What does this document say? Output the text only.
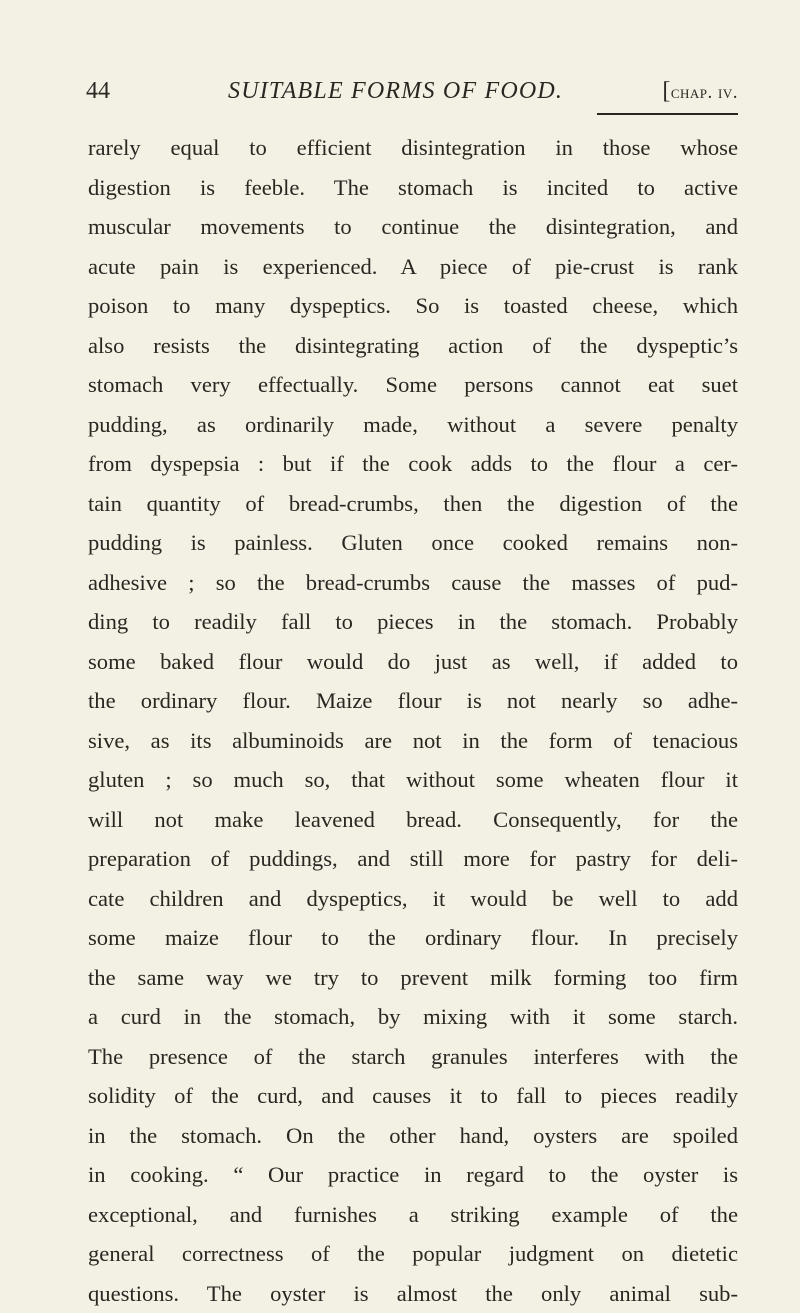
44	SUITABLE FORMS OF FOOD.	[chap. iv.
rarely equal to efficient disintegration in those whose
digestion is feeble. The stomach is incited to active
muscular movements to continue the disintegration, and
acute pain is experienced. A piece of pie-crust is rank
poison to many dyspeptics. So is toasted cheese, which
also resists the disintegrating action of the dyspeptic’s
stomach very effectually. Some persons cannot eat suet
pudding, as ordinarily made, without a severe penalty
from dyspepsia : but if the cook adds to the flour a cer-
tain quantity of bread-crumbs, then the digestion of the
pudding is painless. Gluten once cooked remains non-
adhesive ; so the bread-crumbs cause the masses of pud-
ding to readily fall to pieces in the stomach. Probably
some baked flour would do just as well, if added to
the ordinary flour. Maize flour is not nearly so adhe-
sive, as its albuminoids are not in the form of tenacious
gluten ; so much so, that without some wheaten flour it
will not make leavened bread. Consequently, for the
preparation of puddings, and still more for pastry for deli-
cate children and dyspeptics, it would be well to add
some maize flour to the ordinary flour. In precisely
the same way we try to prevent milk forming too firm
a curd in the stomach, by mixing with it some starch.
The presence of the starch granules interferes with the
solidity of the curd, and causes it to fall to pieces readily
in the stomach. On the other hand, oysters are spoiled
in cooking. “ Our practice in regard to the oyster is
exceptional, and furnishes a striking example of the
general correctness of the popular judgment on dietetic
questions. The oyster is almost the only animal sub-
